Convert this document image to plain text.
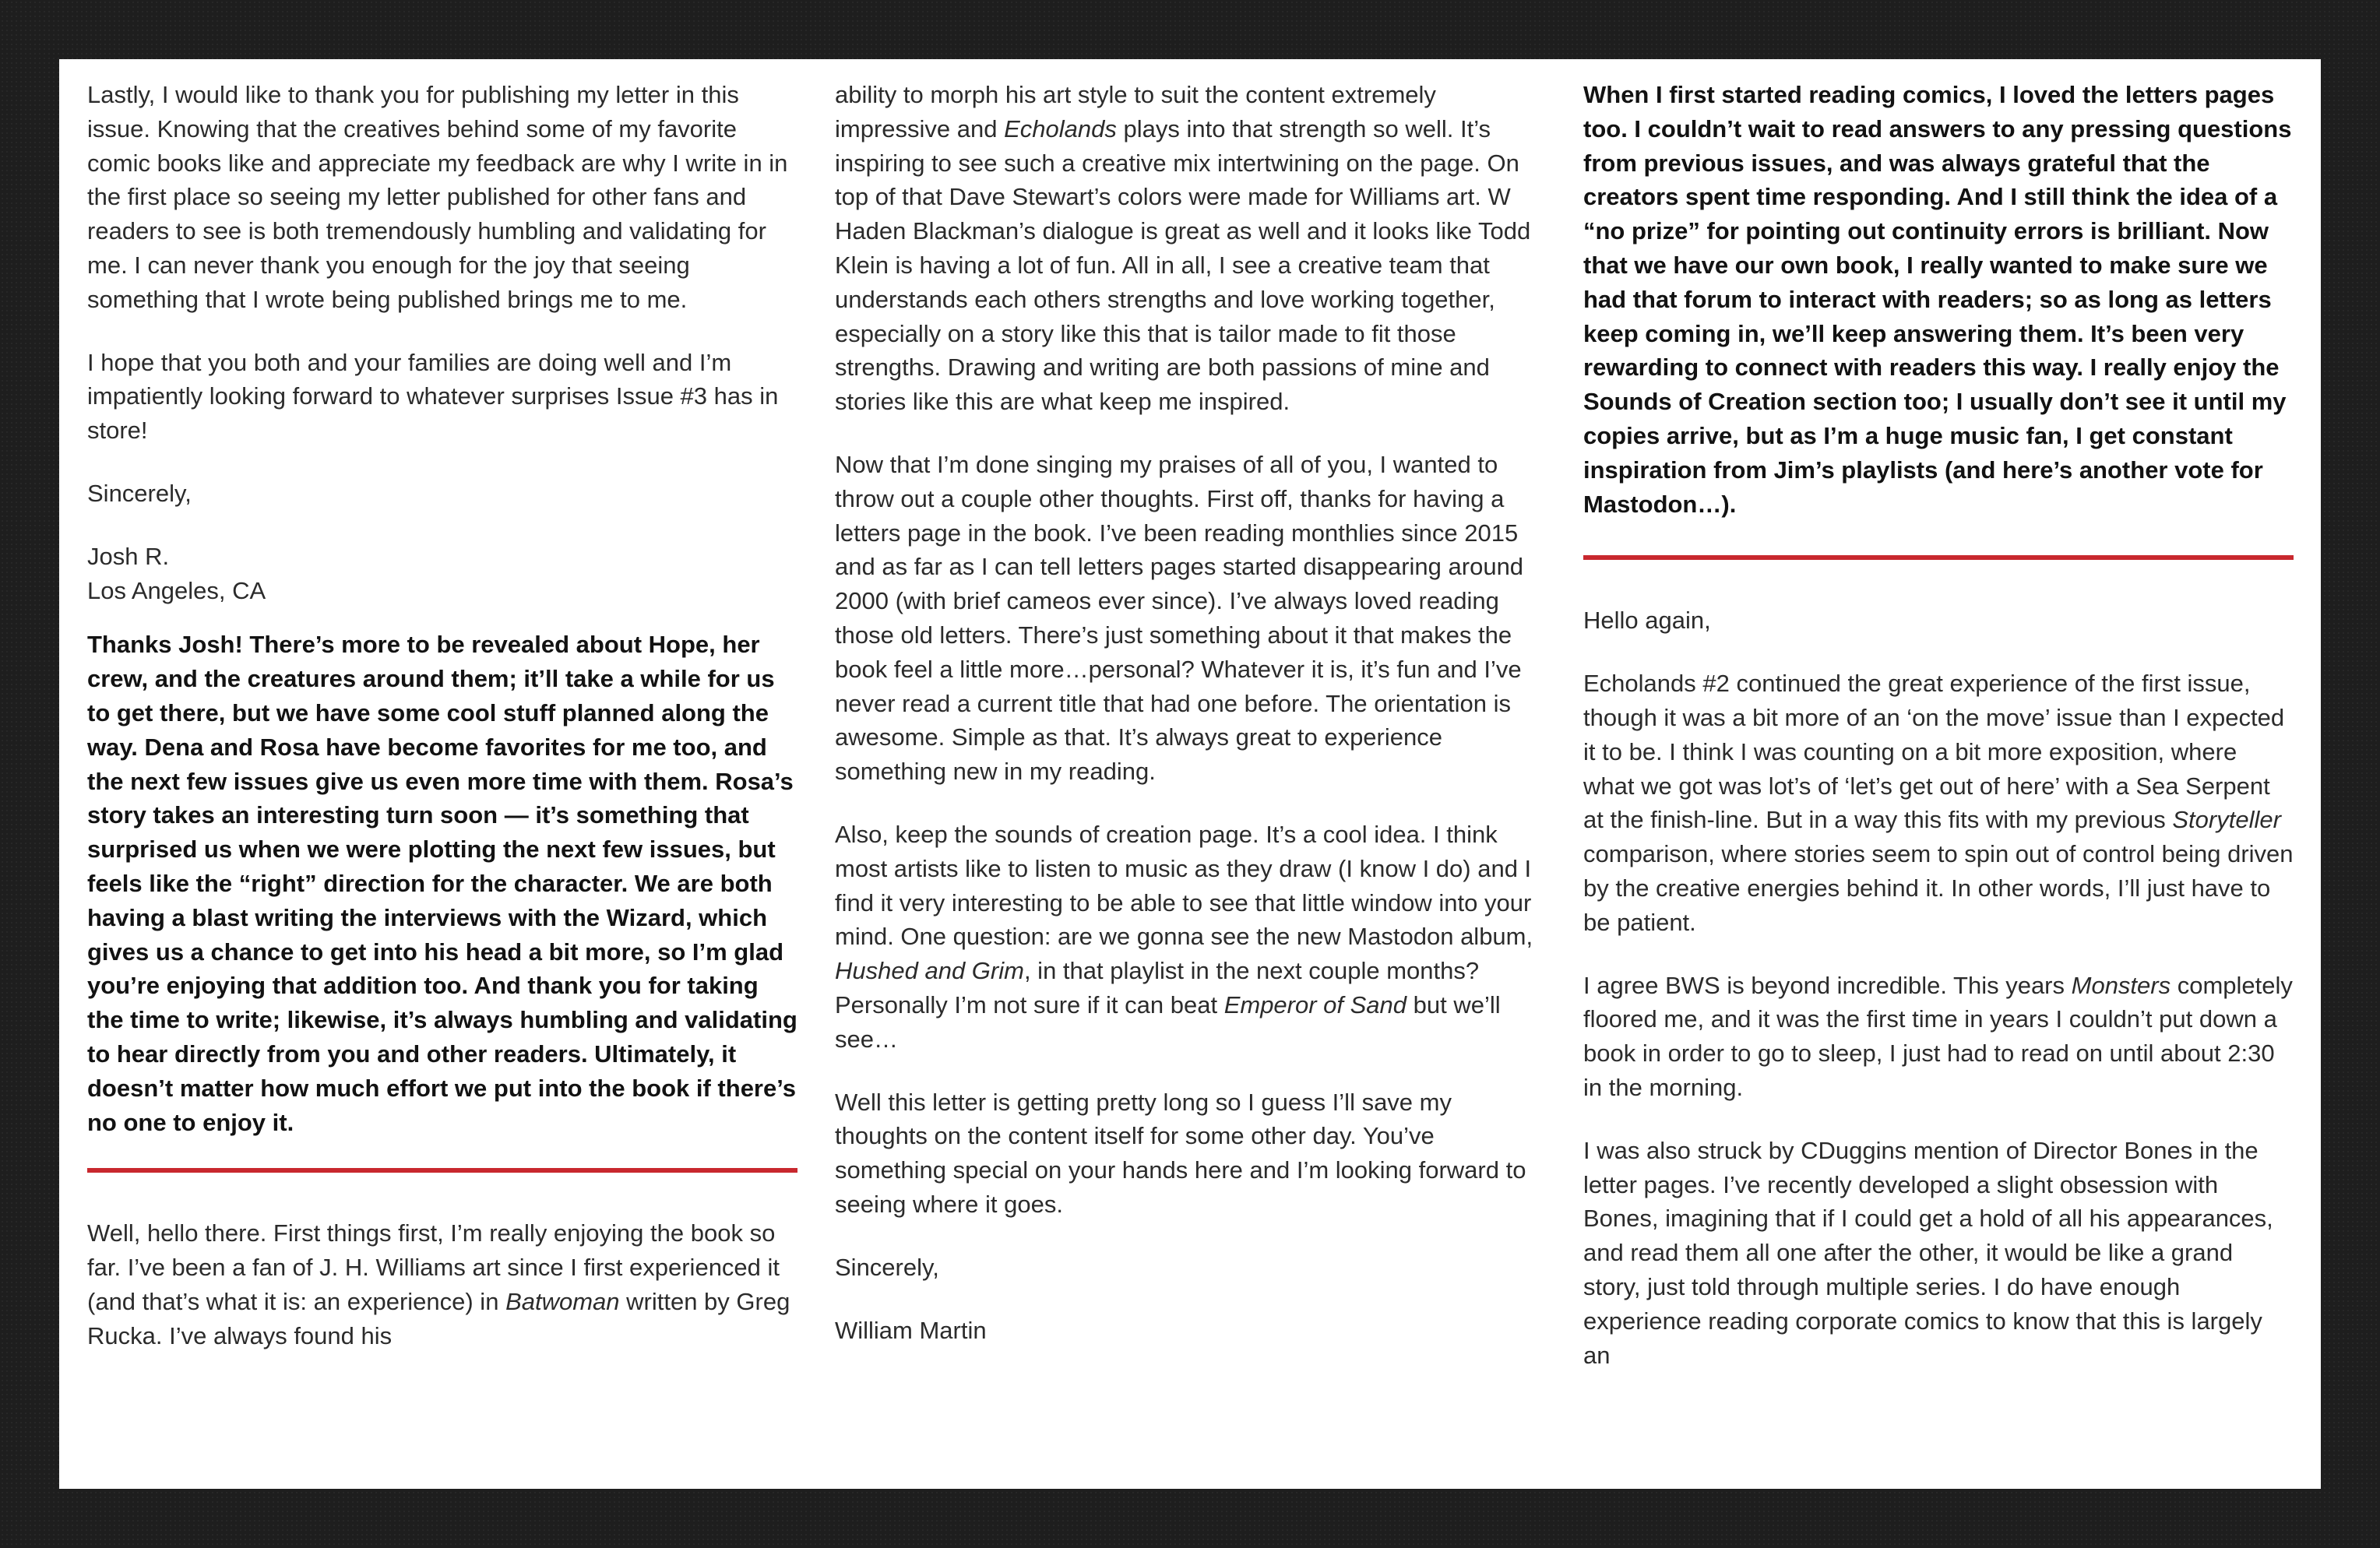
Lastly, I would like to thank you for publishing my letter in this issue. Knowing that the creatives behind some of my favorite comic books like and appreciate my feedback are why I write in in the first place so seeing my letter published for other fans and readers to see is both tremendously humbling and validating for me. I can never thank you enough for the joy that seeing something that I wrote being published brings me to me.

I hope that you both and your families are doing well and I’m impatiently looking forward to whatever surprises Issue #3 has in store!

Sincerely,

Josh R.

Los Angeles, CA

Thanks Josh! There’s more to be revealed about Hope, her crew, and the creatures around them; it’ll take a while for us to get there, but we have some cool stuff planned along the way. Dena and Rosa have become favorites for me too, and the next few issues give us even more time with them. Rosa’s story takes an interesting turn soon — it’s something that surprised us when we were plotting the next few issues, but feels like the “right” direction for the character. We are both having a blast writing the interviews with the Wizard, which gives us a chance to get into his head a bit more, so I’m glad you’re enjoying that addition too. And thank you for taking the time to write; likewise, it’s always humbling and validating to hear directly from you and other readers. Ultimately, it doesn’t matter how much effort we put into the book if there’s no one to enjoy it.

Well, hello there. First things first, I’m really enjoying the book so far. I’ve been a fan of J. H. Williams art since I first experienced it (and that’s what it is: an experience) in Batwoman written by Greg Rucka. I’ve always found his

ability to morph his art style to suit the content extremely impressive and Echolands plays into that strength so well. It’s inspiring to see such a creative mix intertwining on the page. On top of that Dave Stewart’s colors were made for Williams art. W Haden Blackman’s dialogue is great as well and it looks like Todd Klein is having a lot of fun. All in all, I see a creative team that understands each others strengths and love working together, especially on a story like this that is tailor made to fit those strengths. Drawing and writing are both passions of mine and stories like this are what keep me inspired.

Now that I’m done singing my praises of all of you, I wanted to throw out a couple other thoughts. First off, thanks for having a letters page in the book. I’ve been reading monthlies since 2015 and as far as I can tell letters pages started disappearing around 2000 (with brief cameos ever since). I’ve always loved reading those old letters. There’s just something about it that makes the book feel a little more…personal? Whatever it is, it’s fun and I’ve never read a current title that had one before. The orientation is awesome. Simple as that. It’s always great to experience something new in my reading.

Also, keep the sounds of creation page. It’s a cool idea. I think most artists like to listen to music as they draw (I know I do) and I find it very interesting to be able to see that little window into your mind. One question: are we gonna see the new Mastodon album, Hushed and Grim, in that playlist in the next couple months? Personally I’m not sure if it can beat Emperor of Sand but we’ll see…

Well this letter is getting pretty long so I guess I’ll save my thoughts on the content itself for some other day. You’ve something special on your hands here and I’m looking forward to seeing where it goes.

Sincerely,

William Martin

When I first started reading comics, I loved the letters pages too. I couldn’t wait to read answers to any pressing questions from previous issues, and was always grateful that the creators spent time responding. And I still think the idea of a “no prize” for pointing out continuity errors is brilliant. Now that we have our own book, I really wanted to make sure we had that forum to interact with readers; so as long as letters keep coming in, we’ll keep answering them. It’s been very rewarding to connect with readers this way. I really enjoy the Sounds of Creation section too; I usually don’t see it until my copies arrive, but as I’m a huge music fan, I get constant inspiration from Jim’s playlists (and here’s another vote for Mastodon…).

Hello again,

Echolands #2 continued the great experience of the first issue, though it was a bit more of an ‘on the move’ issue than I expected it to be. I think I was counting on a bit more exposition, where what we got was lot’s of ‘let’s get out of here’ with a Sea Serpent at the finish-line. But in a way this fits with my previous Storyteller comparison, where stories seem to spin out of control being driven by the creative energies behind it. In other words, I’ll just have to be patient.

I agree BWS is beyond incredible. This years Monsters completely floored me, and it was the first time in years I couldn’t put down a book in order to go to sleep, I just had to read on until about 2:30 in the morning.

I was also struck by CDuggins mention of Director Bones in the letter pages. I’ve recently developed a slight obsession with Bones, imagining that if I could get a hold of all his appearances, and read them all one after the other, it would be like a grand story, just told through multiple series. I do have enough experience reading corporate comics to know that this is largely an
